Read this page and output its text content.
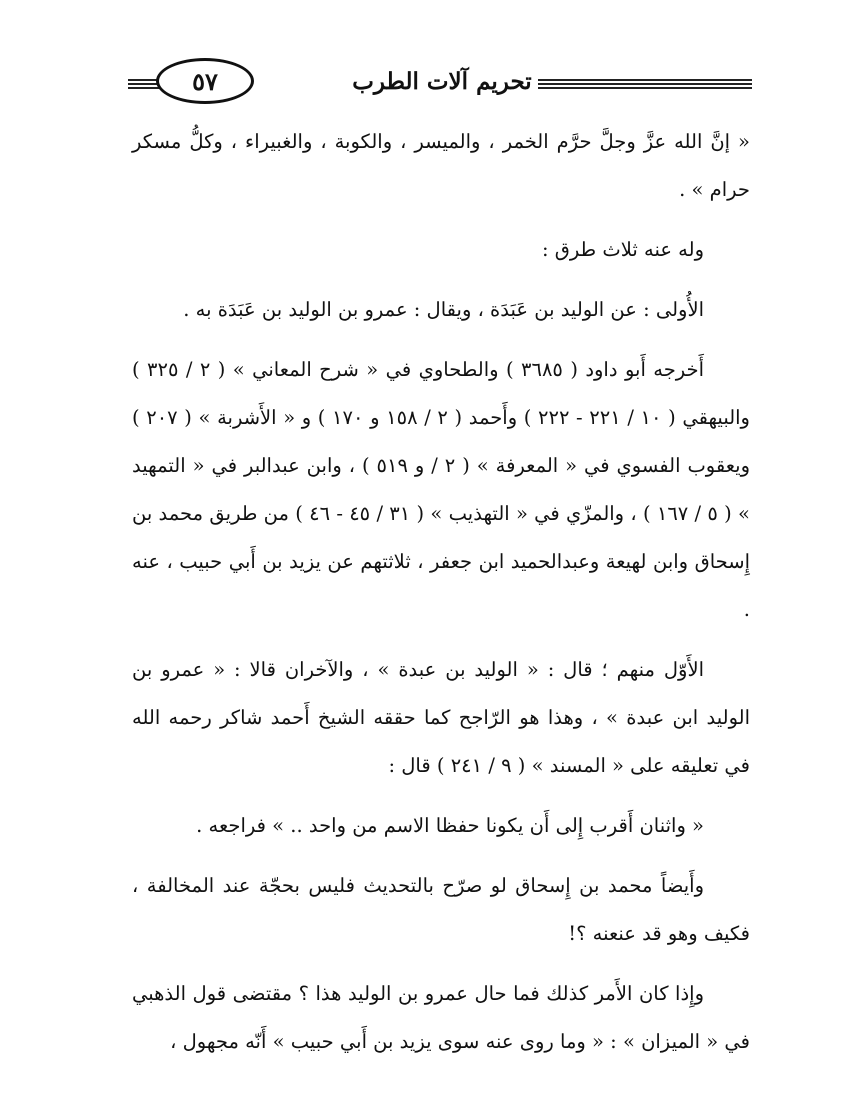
٥٧	تحريم آلات الطرب

« إنَّ الله عزَّ وجلَّ حرَّم الخمر ، والميسر ، والكوبة ، والغبيراء ، وكلُّ مسكر حرام » .

وله عنه ثلاث طرق :

الأُولى : عن الوليد بن عَبَدَة ، ويقال : عمرو بن الوليد بن عَبَدَة به .

أَخرجه أَبو داود ( ٣٦٨٥ ) والطحاوي في « شرح المعاني » ( ٢ / ٣٢٥ ) والبيهقي ( ١٠ / ٢٢١ - ٢٢٢ ) وأَحمد ( ٢ / ١٥٨ و ١٧٠ ) و « الأَشربة » ( ٢٠٧ ) ويعقوب الفسوي في « المعرفة » ( ٢ / و ٥١٩ ) ، وابن عبدالبر في « التمهيد » ( ٥ / ١٦٧ ) ، والمزّي في « التهذيب » ( ٣١ / ٤٥ - ٤٦ ) من طريق محمد بن إِسحاق وابن لهيعة وعبدالحميد ابن جعفر ، ثلاثتهم عن يزيد بن أَبي حبيب ، عنه .

الأَوّل منهم ؛ قال : « الوليد بن عبدة » ، والآخران قالا : « عمرو بن الوليد ابن عبدة » ، وهذا هو الرّاجح كما حققه الشيخ أَحمد شاكر رحمه الله في تعليقه على « المسند » ( ٩ / ٢٤١ ) قال :

« واثنان أَقرب إِلى أَن يكونا حفظا الاسم من واحد .. » فراجعه .

وأَيضاً محمد بن إِسحاق لو صرّح بالتحديث فليس بحجّة عند المخالفة ، فكيف وهو قد عنعنه ؟!

وإِذا كان الأَمر كذلك فما حال عمرو بن الوليد هذا ؟ مقتضى قول الذهبي في « الميزان » : « وما روى عنه سوى يزيد بن أَبي حبيب » أَنّه مجهول ،
